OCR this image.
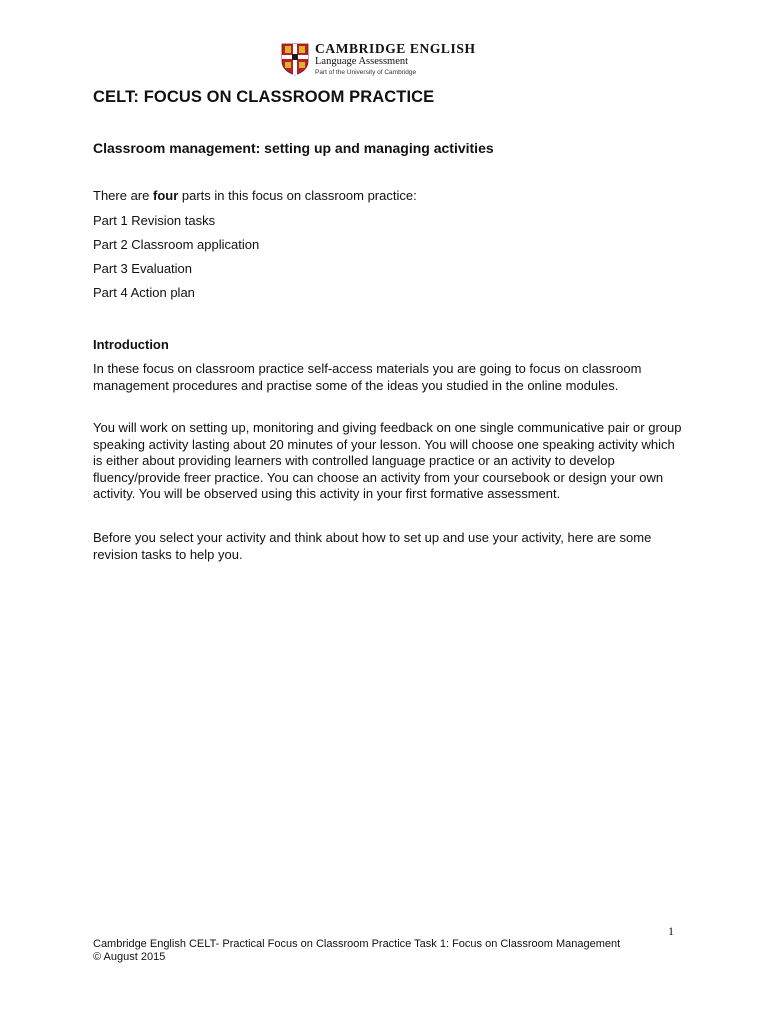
CAMBRIDGE ENGLISH
Language Assessment
Part of the University of Cambridge
CELT: FOCUS ON CLASSROOM PRACTICE
Classroom management: setting up and managing activities

There are four parts in this focus on classroom practice:

Part 1 Revision tasks

Part 2 Classroom application

Part 3 Evaluation

Part 4 Action plan

Introduction

In these focus on classroom practice self-access materials you are going to focus on classroom management procedures and practise some of the ideas you studied in the online modules.

You will work on setting up, monitoring and giving feedback on one single communicative pair or group speaking activity lasting about 20 minutes of your lesson. You will choose one speaking activity which is either about providing learners with controlled language practice or an activity to develop fluency/provide freer practice. You can choose an activity from your coursebook or design your own activity. You will be observed using this activity in your first formative assessment.

Before you select your activity and think about how to set up and use your activity, here are some revision tasks to help you.

1
Cambridge English CELT- Practical Focus on Classroom Practice Task 1: Focus on Classroom Management
© August 2015
